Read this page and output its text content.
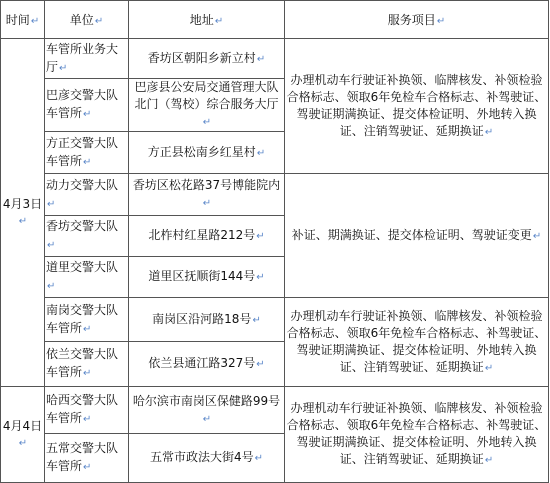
时间↵	单位↵	地址↵	服务项目↵
4月3日↵	车管所业务大厅↵	香坊区朝阳乡新立村↵	办理机动车行驶证补换领、临牌核发、补领检验合格标志、领取6年免检车合格标志、补驾驶证、驾驶证期满换证、提交体检证明、外地转入换证、注销驾驶证、延期换证↵
	巴彦交警大队车管所↵	巴彦县公安局交通管理大队北门（驾校）综合服务大厅↵	
	方正交警大队车管所↵	方正县松南乡红星村↵	
	动力交警大队↵	香坊区松花路37号博能院内↵	补证、期满换证、提交体检证明、驾驶证变更↵
	香坊交警大队↵	北柞村红星路212号↵	
	道里交警大队↵	道里区抚顺街144号↵	
	南岗交警大队车管所↵	南岗区沿河路18号↵	办理机动车行驶证补换领、临牌核发、补领检验合格标志、领取6年免检车合格标志、补驾驶证、驾驶证期满换证、提交体检证明、外地转入换证、注销驾驶证、延期换证↵
	依兰交警大队车管所↵	依兰县通江路327号↵	
4月4日↵	哈西交警大队车管所↵	哈尔滨市南岗区保健路99号↵	办理机动车行驶证补换领、临牌核发、补领检验合格标志、领取6年免检车合格标志、补驾驶证、驾驶证期满换证、提交体检证明、外地转入换证、注销驾驶证、延期换证↵
	五常交警大队车管所↵	五常市政法大街4号↵	
